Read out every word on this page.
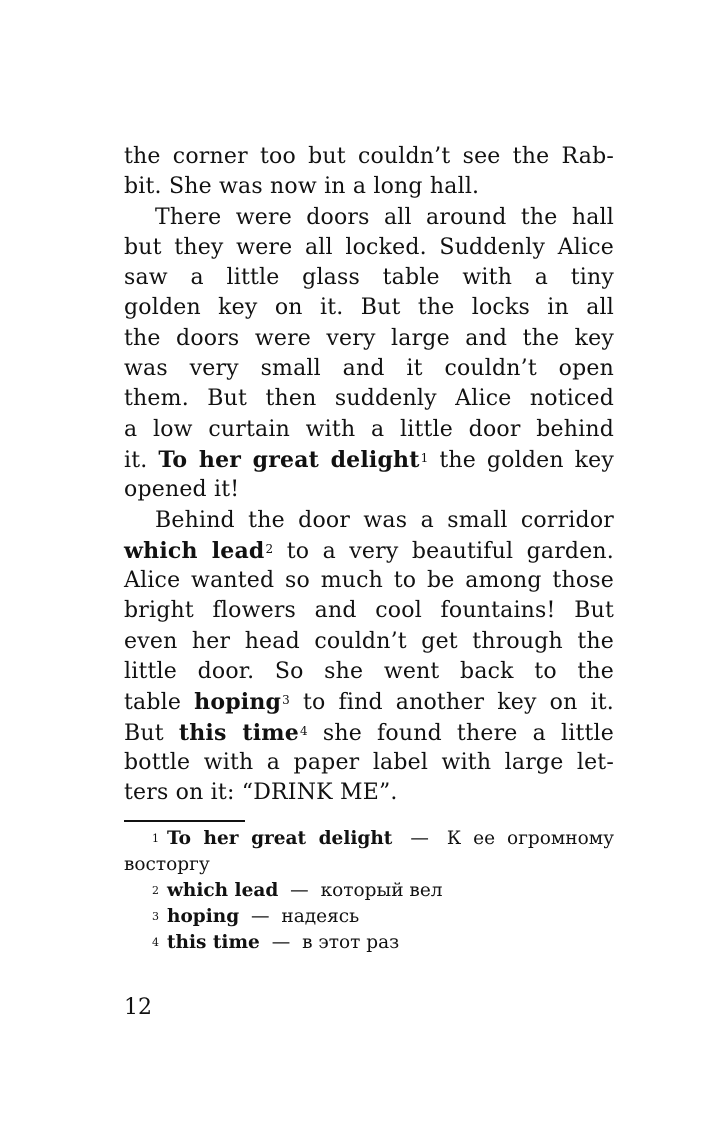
the corner too but couldn’t see the Rab-
bit. She was now in a long hall.
There were doors all around the hall
but they were all locked. Suddenly Alice
saw a little glass table with a tiny
golden key on it. But the locks in all
the doors were very large and the key
was very small and it couldn’t open
them. But then suddenly Alice noticed
a low curtain with a little door behind
it. To her great delight$^1$ the golden key
opened it!
Behind the door was a small corridor
which lead$^2$ to a very beautiful garden.
Alice wanted so much to be among those
bright flowers and cool fountains! But
even her head couldn’t get through the
little door. So she went back to the
table hoping$^3$ to find another key on it.
But this time$^4$ she found there a little
bottle with a paper label with large let-
ters on it: “DRINK ME”.
$^1$ To her great delight — К ее огромному
восторгу
$^2$ which lead — который вел
$^3$ hoping — надеясь
$^4$ this time — в этот раз
12
